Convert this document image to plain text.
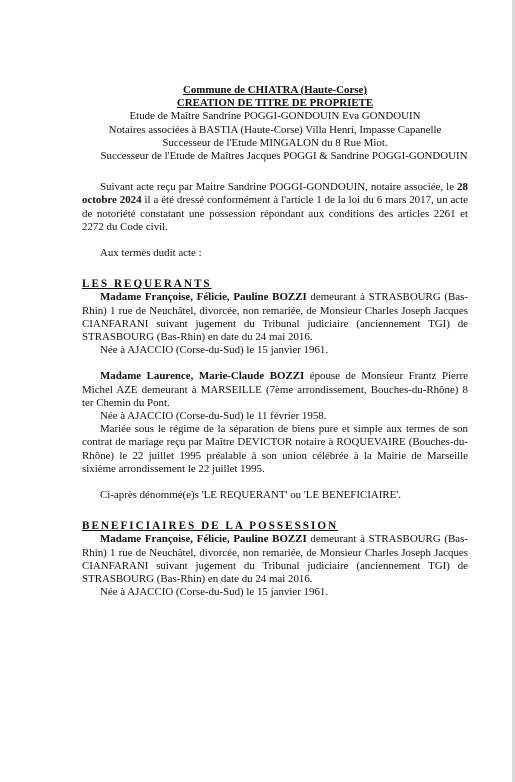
Commune de CHIATRA (Haute-Corse)
CREATION DE TITRE DE PROPRIETE
Etude de Maître Sandrine POGGI-GONDOUIN Eva GONDOUIN
Notaires associées à BASTIA (Haute-Corse) Villa Henri, Impasse Capanelle
Successeur de l'Etude MINGALON du 8 Rue Miot.
Successeur de l'Etude de Maîtres Jacques POGGI & Sandrine POGGI-GONDOUIN

Suivant acte reçu par Maitre Sandrine POGGI-GONDOUIN, notaire associée, le 28 octobre 2024 il a été dressé conformément à l'article 1 de la loi du 6 mars 2017, un acte de notoriété constatant une possession répondant aux conditions des articles 2261 et 2272 du Code civil.

Aux termes dudit acte :

LES REQUERANTS

Madame Françoise, Félicie, Pauline BOZZI demeurant à STRASBOURG (Bas-Rhin) 1 rue de Neuchâtel, divorcée, non remariée, de Monsieur Charles Joseph Jacques CIANFARANI suivant jugement du Tribunal judiciaire (anciennement TGI) de STRASBOURG (Bas-Rhin) en date du 24 mai 2016.

Née à AJACCIO (Corse-du-Sud) le 15 janvier 1961.

Madame Laurence, Marie-Claude BOZZI épouse de Monsieur Frantz Pierre Michel AZE demeurant à MARSEILLE (7ème arrondissement, Bouches-du-Rhône) 8 ter Chemin du Pont.

Née à AJACCIO (Corse-du-Sud) le 11 février 1958.

Mariée sous le régime de la séparation de biens pure et simple aux termes de son contrat de mariage reçu par Maître DEVICTOR notaire à ROQUEVAIRE (Bouches-du-Rhône) le 22 juillet 1995 préalable à son union célébrée à la Mairie de Marseille sixième arrondissement le 22 juillet 1995.

Ci-après dénommé(e)s 'LE REQUERANT' ou 'LE BENEFICIAIRE'.

BENEFICIAIRES DE LA POSSESSION

Madame Françoise, Félicie, Pauline BOZZI demeurant à STRASBOURG (Bas-Rhin) 1 rue de Neuchâtel, divorcée, non remariée, de Monsieur Charles Joseph Jacques CIANFARANI suivant jugement du Tribunal judiciaire (anciennement TGI) de STRASBOURG (Bas-Rhin) en date du 24 mai 2016.

Née à AJACCIO (Corse-du-Sud) le 15 janvier 1961.
